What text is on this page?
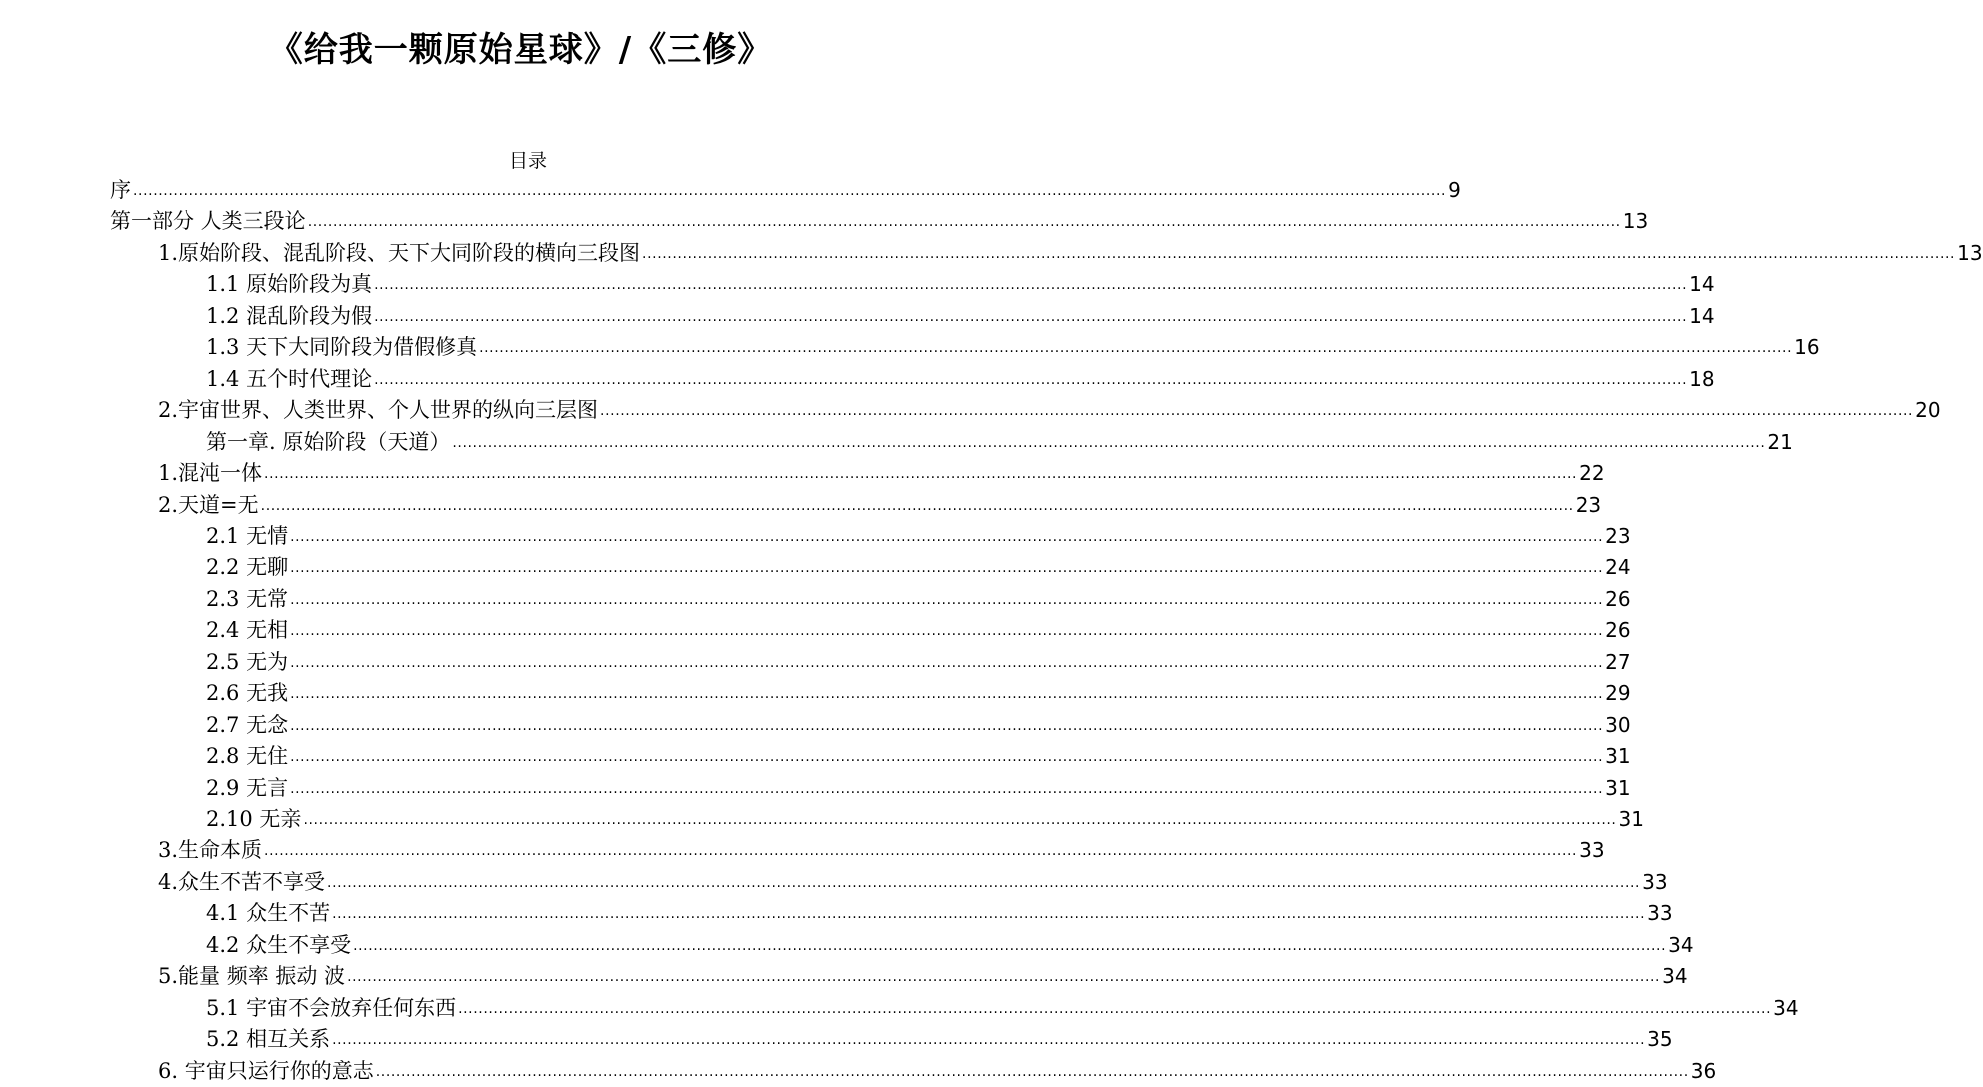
《给我一颗原始星球》/《三修》
目录
序 .................................................................................................................................................................................................................................................................... 9
第一部分 人类三段论 .................................................................................................................................................................................................................................................................... 13
1.原始阶段、混乱阶段、天下大同阶段的横向三段图 .................................................................................................................................................................................................................................................................... 13
1.1 原始阶段为真 .................................................................................................................................................................................................................................................................... 14
1.2 混乱阶段为假 .................................................................................................................................................................................................................................................................... 14
1.3 天下大同阶段为借假修真 .................................................................................................................................................................................................................................................................... 16
1.4 五个时代理论 .................................................................................................................................................................................................................................................................... 18
2.宇宙世界、人类世界、个人世界的纵向三层图 .................................................................................................................................................................................................................................................................... 20
第一章. 原始阶段（天道） .................................................................................................................................................................................................................................................................... 21
1.混沌一体 .................................................................................................................................................................................................................................................................... 22
2.天道=无 .................................................................................................................................................................................................................................................................... 23
2.1 无情 .................................................................................................................................................................................................................................................................... 23
2.2 无聊 .................................................................................................................................................................................................................................................................... 24
2.3 无常 .................................................................................................................................................................................................................................................................... 26
2.4 无相 .................................................................................................................................................................................................................................................................... 26
2.5 无为 .................................................................................................................................................................................................................................................................... 27
2.6 无我 .................................................................................................................................................................................................................................................................... 29
2.7 无念 .................................................................................................................................................................................................................................................................... 30
2.8 无住 .................................................................................................................................................................................................................................................................... 31
2.9 无言 .................................................................................................................................................................................................................................................................... 31
2.10 无亲 .................................................................................................................................................................................................................................................................... 31
3.生命本质 .................................................................................................................................................................................................................................................................... 33
4.众生不苦不享受 .................................................................................................................................................................................................................................................................... 33
4.1 众生不苦 .................................................................................................................................................................................................................................................................... 33
4.2 众生不享受 .................................................................................................................................................................................................................................................................... 34
5.能量 频率 振动 波 .................................................................................................................................................................................................................................................................... 34
5.1 宇宙不会放弃任何东西 .................................................................................................................................................................................................................................................................... 34
5.2 相互关系 .................................................................................................................................................................................................................................................................... 35
6. 宇宙只运行你的意志 .................................................................................................................................................................................................................................................................... 36
